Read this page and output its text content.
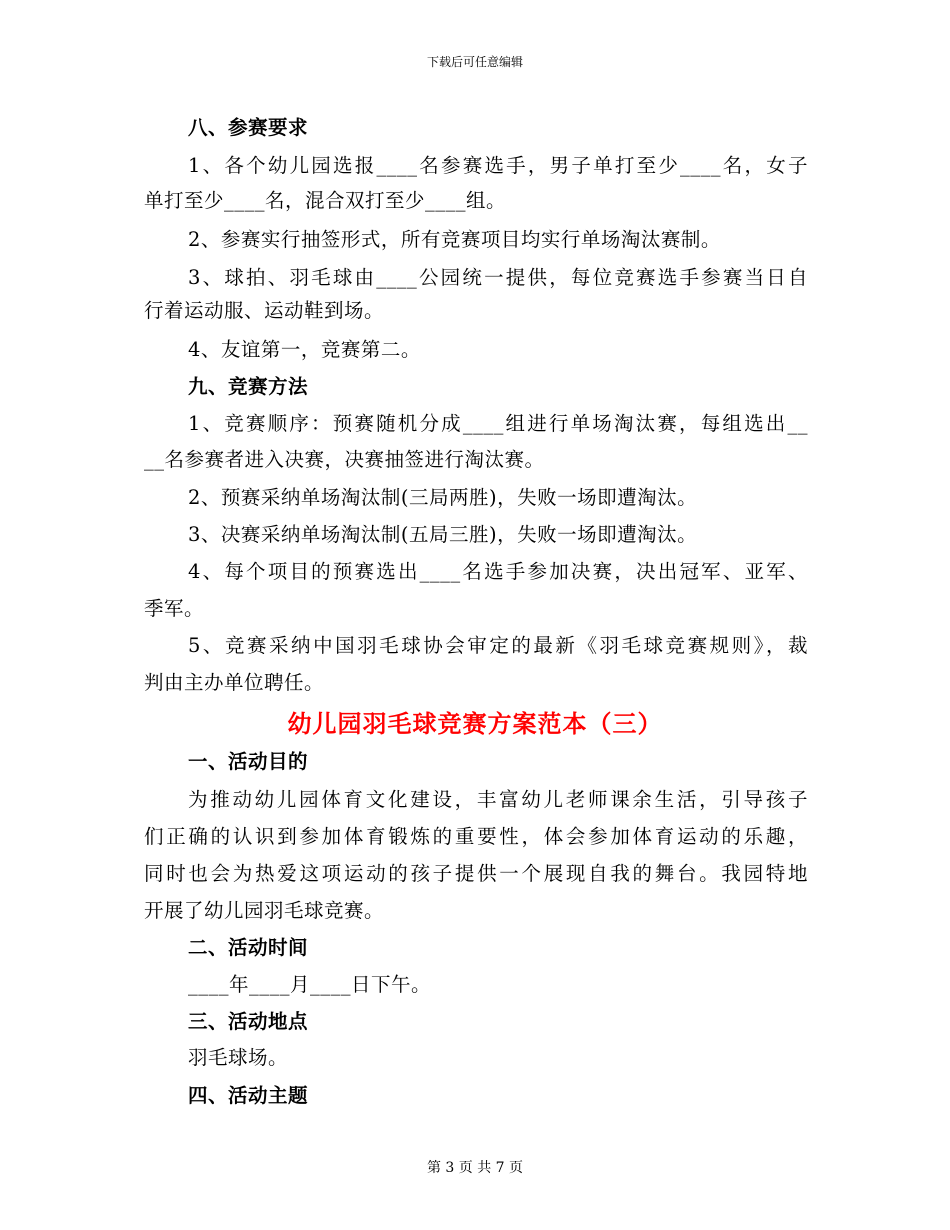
下载后可任意编辑
八、参赛要求
1、各个幼儿园选报____名参赛选手，男子单打至少____名，女子
单打至少____名，混合双打至少____组。
2、参赛实行抽签形式，所有竞赛项目均实行单场淘汰赛制。
3、球拍、羽毛球由____公园统一提供，每位竞赛选手参赛当日自
行着运动服、运动鞋到场。
4、友谊第一，竞赛第二。
九、竞赛方法
1、竞赛顺序：预赛随机分成____组进行单场淘汰赛，每组选出__
__名参赛者进入决赛，决赛抽签进行淘汰赛。
2、预赛采纳单场淘汰制(三局两胜)，失败一场即遭淘汰。
3、决赛采纳单场淘汰制(五局三胜)，失败一场即遭淘汰。
4、每个项目的预赛选出____名选手参加决赛，决出冠军、亚军、
季军。
5、竞赛采纳中国羽毛球协会审定的最新《羽毛球竞赛规则》，裁
判由主办单位聘任。
幼儿园羽毛球竞赛方案范本（三）
一、活动目的
为推动幼儿园体育文化建设，丰富幼儿老师课余生活，引导孩子
们正确的认识到参加体育锻炼的重要性，体会参加体育运动的乐趣，
同时也会为热爱这项运动的孩子提供一个展现自我的舞台。我园特地
开展了幼儿园羽毛球竞赛。
二、活动时间
____年____月____日下午。
三、活动地点
羽毛球场。
四、活动主题
第 3 页 共 7 页
